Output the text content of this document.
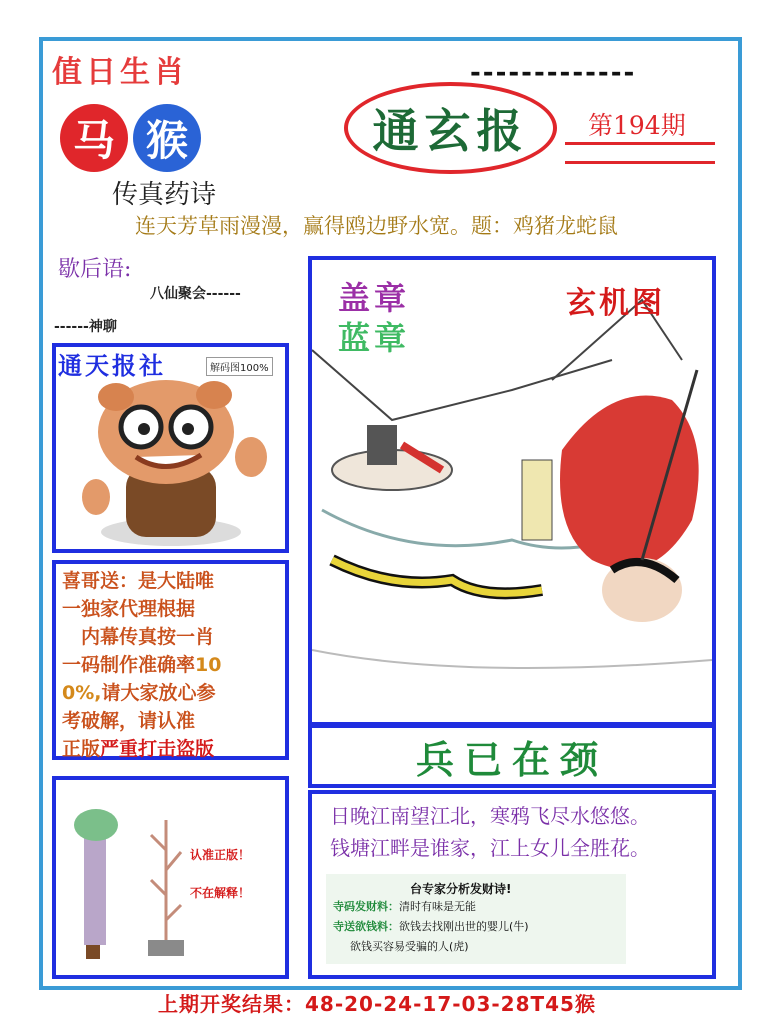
值日生肖	-------------
马 猴	通玄报	第194期
传真药诗
连天芳草雨漫漫，赢得鸥边野水宽。题：鸡猪龙蛇鼠
歇后语:
八仙聚会------
------神聊
通天报社	解码图100%
喜哥送：是大陆唯
一独家代理根据
　内幕传真按一肖
一码制作准确率10
0%,请大家放心参
考破解，请认准
正版严重打击盗版
认准正版！
不在解释！
盖章
蓝章
玄机图
兵已在颈
日晚江南望江北，寒鸦飞尽水悠悠。
钱塘江畔是谁家，江上女儿全胜花。
台专家分析发财诗!
寺码发财料：清时有味是无能
寺送欲钱料：欲钱去找刚出世的婴儿(牛)
欲钱买容易受骗的人(虎)
上期开奖结果：48-20-24-17-03-28T45猴
